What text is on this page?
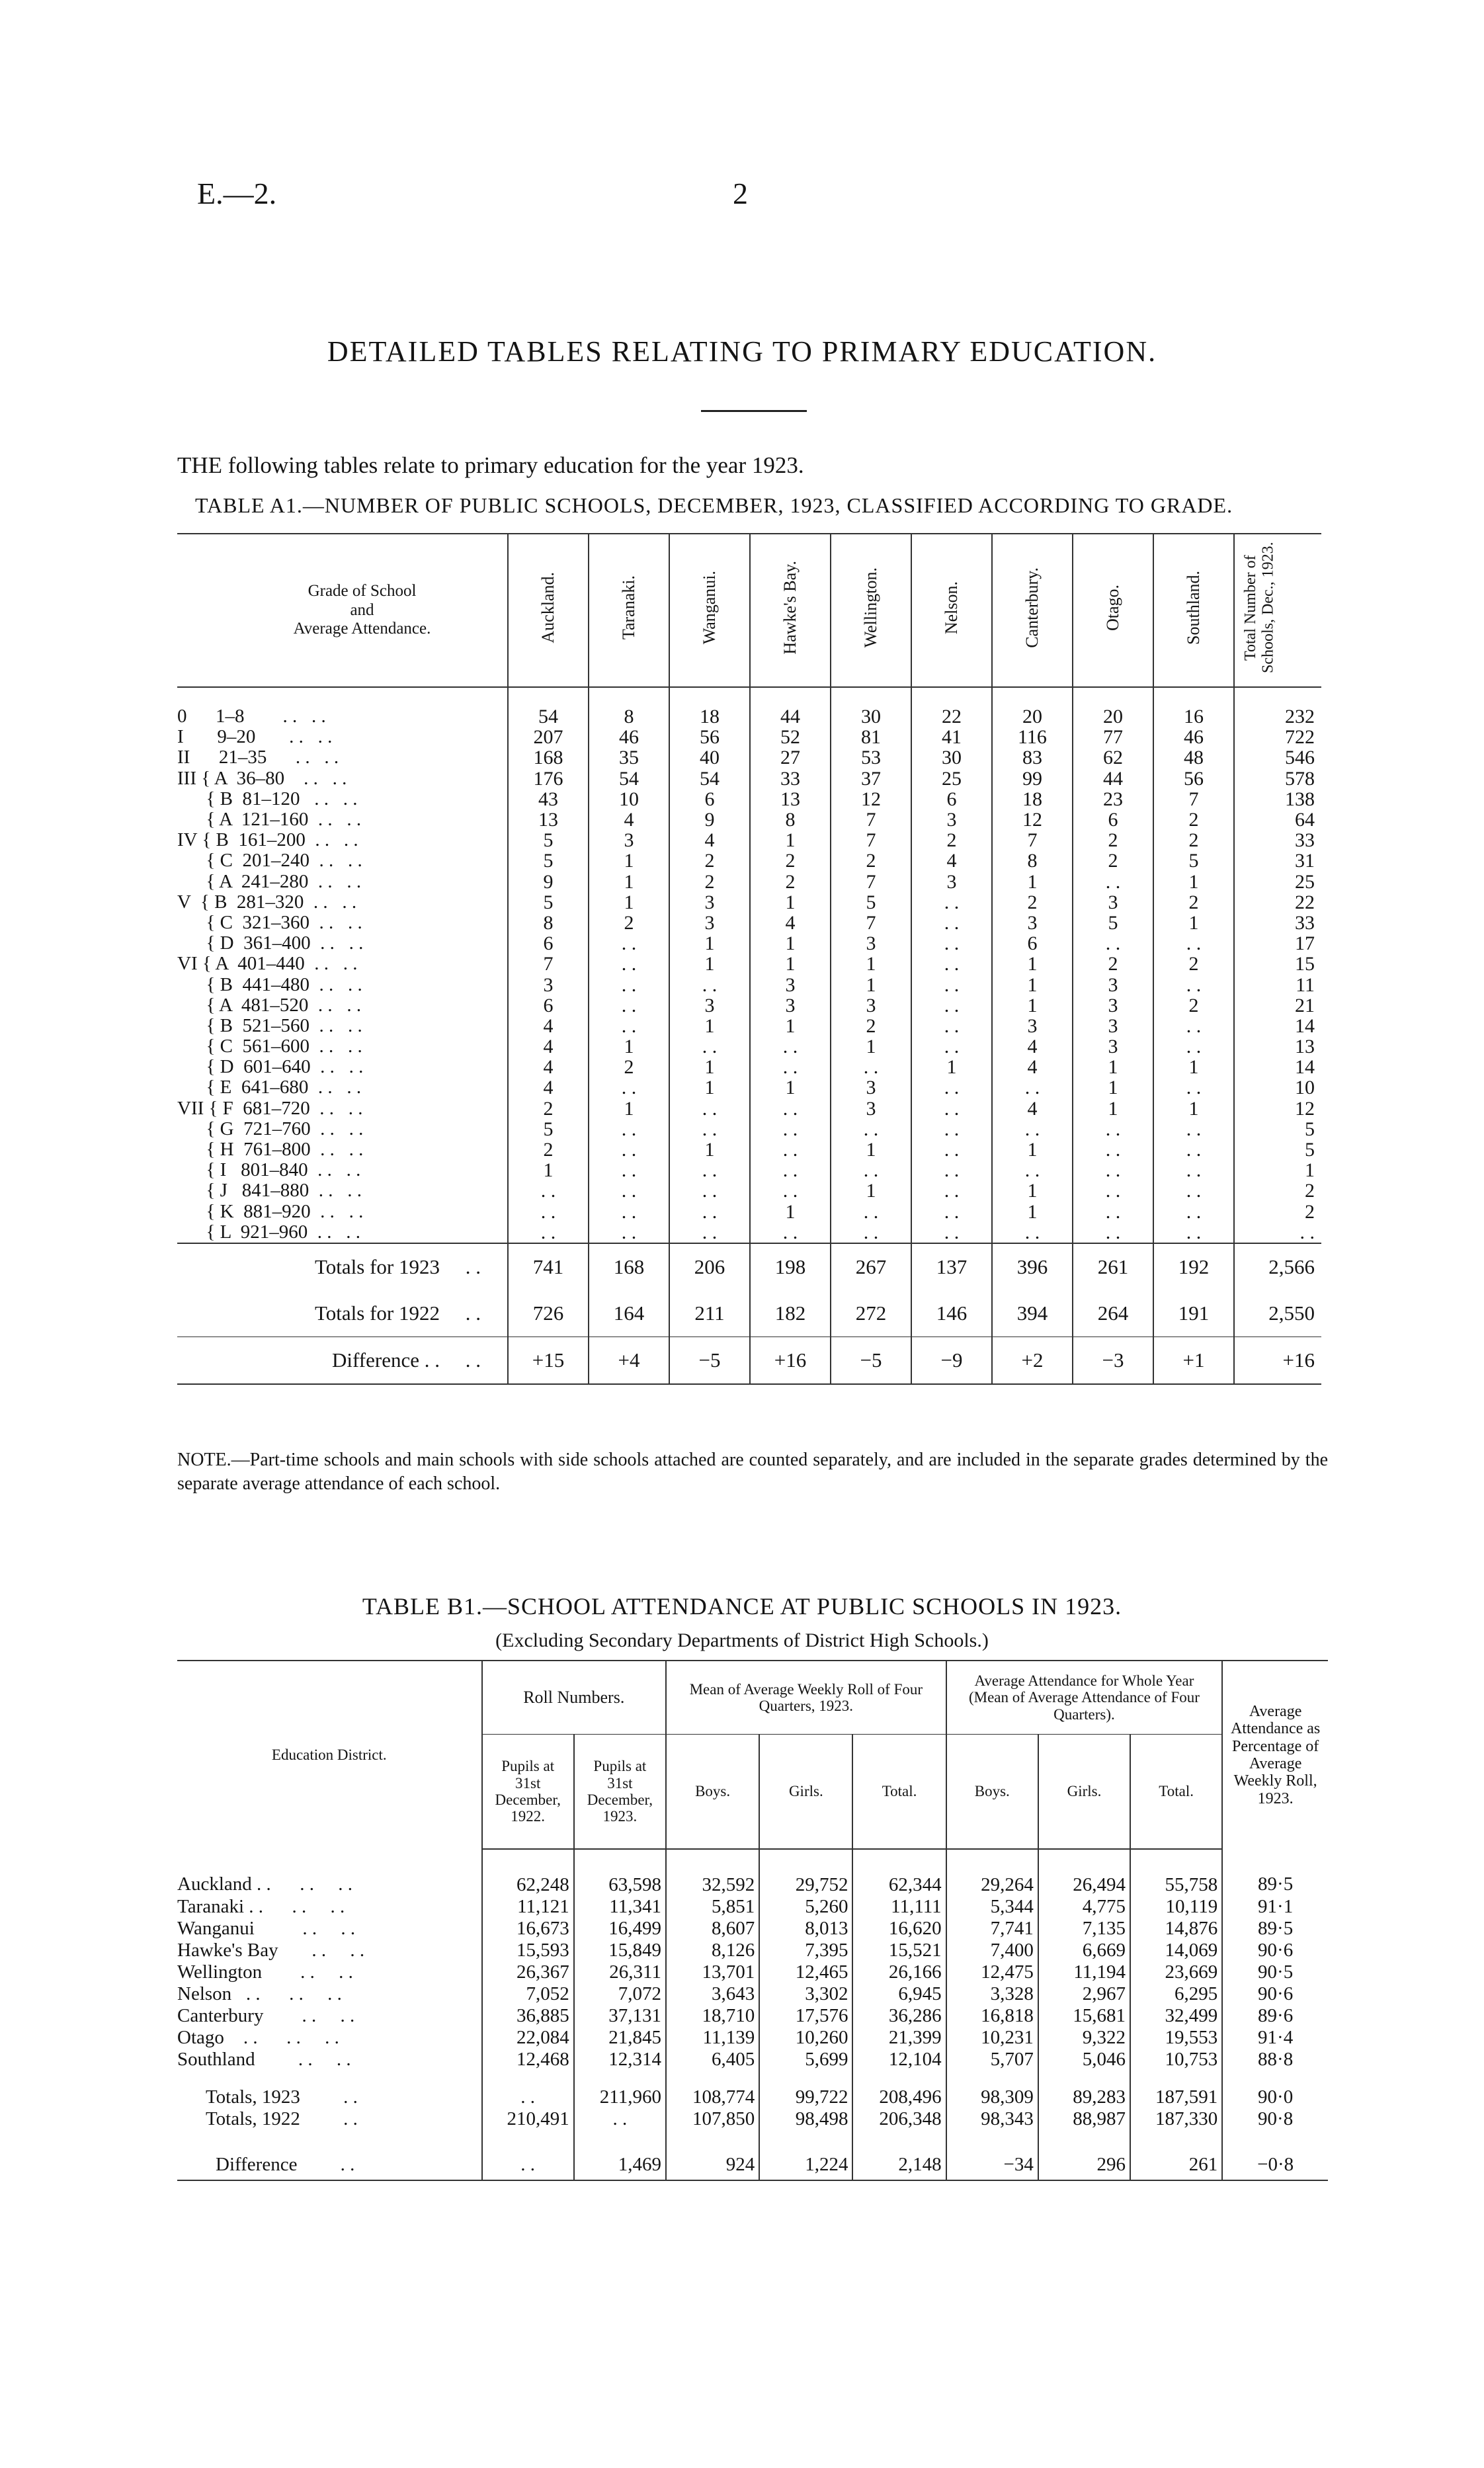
E.—2.	2
DETAILED TABLES RELATING TO PRIMARY EDUCATION.
THE following tables relate to primary education for the year 1923.
TABLE A1.—NUMBER OF PUBLIC SCHOOLS, DECEMBER, 1923, CLASSIFIED ACCORDING TO GRADE.
Grade of School
and
Average Attendance.	Auckland.	Taranaki.	Wanganui.	Hawke's Bay.	Wellington.	Nelson.	Canterbury.	Otago.	Southland.	Total Number of Schools, Dec., 1923.
0      1–8        . .   . .	54	8	18	44	30	22	20	20	16	232
I       9–20       . .   . .	207	46	56	52	81	41	116	77	46	722
II      21–35      . .   . .	168	35	40	27	53	30	83	62	48	546
III { A  36–80    . .   . .	176	54	54	33	37	25	99	44	56	578
{ B  81–120   . .   . .	43	10	6	13	12	6	18	23	7	138
{ A  121–160  . .   . .	13	4	9	8	7	3	12	6	2	64
IV { B  161–200  . .   . .	5	3	4	1	7	2	7	2	2	33
{ C  201–240  . .   . .	5	1	2	2	2	4	8	2	5	31
{ A  241–280  . .   . .	9	1	2	2	7	3	1	. .	1	25
V  { B  281–320  . .   . .	5	1	3	1	5	. .	2	3	2	22
{ C  321–360  . .   . .	8	2	3	4	7	. .	3	5	1	33
{ D  361–400  . .   . .	6	. .	1	1	3	. .	6	. .	. .	17
VI { A  401–440  . .   . .	7	. .	1	1	1	. .	1	2	2	15
{ B  441–480  . .   . .	3	. .	. .	3	1	. .	1	3	. .	11
{ A  481–520  . .   . .	6	. .	3	3	3	. .	1	3	2	21
{ B  521–560  . .   . .	4	. .	1	1	2	. .	3	3	. .	14
{ C  561–600  . .   . .	4	1	. .	. .	1	. .	4	3	. .	13
{ D  601–640  . .   . .	4	2	1	. .	. .	1	4	1	1	14
{ E  641–680  . .   . .	4	. .	1	1	3	. .	. .	1	. .	10
VII { F  681–720  . .   . .	2	1	. .	. .	3	. .	4	1	1	12
{ G  721–760  . .   . .	5	. .	. .	. .	. .	. .	. .	. .	. .	5
{ H  761–800  . .   . .	2	. .	1	. .	1	. .	1	. .	. .	5
{ I   801–840  . .   . .	1	. .	. .	. .	. .	. .	. .	. .	. .	1
{ J   841–880  . .   . .	. .	. .	. .	. .	1	. .	1	. .	. .	2
{ K  881–920  . .   . .	. .	. .	. .	1	. .	. .	1	. .	. .	2
{ L  921–960  . .   . .	. .	. .	. .	. .	. .	. .	. .	. .	. .	. .
Totals for 1923     . .	741	168	206	198	267	137	396	261	192	2,566
Totals for 1922     . .	726	164	211	182	272	146	394	264	191	2,550
Difference . .     . .	+15	+4	−5	+16	−5	−9	+2	−3	+1	+16
NOTE.—Part-time schools and main schools with side schools attached are counted separately, and are included in the separate grades determined by the separate average attendance of each school.
TABLE B1.—SCHOOL ATTENDANCE AT PUBLIC SCHOOLS IN 1923.
(Excluding Secondary Departments of District High Schools.)
Education District.	Roll Numbers.		Mean of Average Weekly Roll of Four Quarters, 1923.			Average Attendance for Whole Year (Mean of Average Attendance of Four Quarters).			Average Attendance as Percentage of Average Weekly Roll, 1923.
	Pupils at 31st December, 1922.	Pupils at 31st December, 1923.	Boys.	Girls.	Total.	Boys.	Girls.	Total.	
Auckland . .      . .     . .	62,248	63,598	32,592	29,752	62,344	29,264	26,494	55,758	89·5
Taranaki . .      . .     . .	11,121	11,341	5,851	5,260	11,111	5,344	4,775	10,119	91·1
Wanganui          . .     . .	16,673	16,499	8,607	8,013	16,620	7,741	7,135	14,876	89·5
Hawke's Bay       . .     . .	15,593	15,849	8,126	7,395	15,521	7,400	6,669	14,069	90·6
Wellington        . .     . .	26,367	26,311	13,701	12,465	26,166	12,475	11,194	23,669	90·5
Nelson   . .      . .     . .	7,052	7,072	3,643	3,302	6,945	3,328	2,967	6,295	90·6
Canterbury        . .     . .	36,885	37,131	18,710	17,576	36,286	16,818	15,681	32,499	89·6
Otago    . .      . .     . .	22,084	21,845	11,139	10,260	21,399	10,231	9,322	19,553	91·4
Southland         . .     . .	12,468	12,314	6,405	5,699	12,104	5,707	5,046	10,753	88·8
Totals, 1923         . .	. .	211,960	108,774	99,722	208,496	98,309	89,283	187,591	90·0
Totals, 1922         . .	210,491	. .	107,850	98,498	206,348	98,343	88,987	187,330	90·8
Difference         . .	. .	1,469	924	1,224	2,148	−34	296	261	−0·8
